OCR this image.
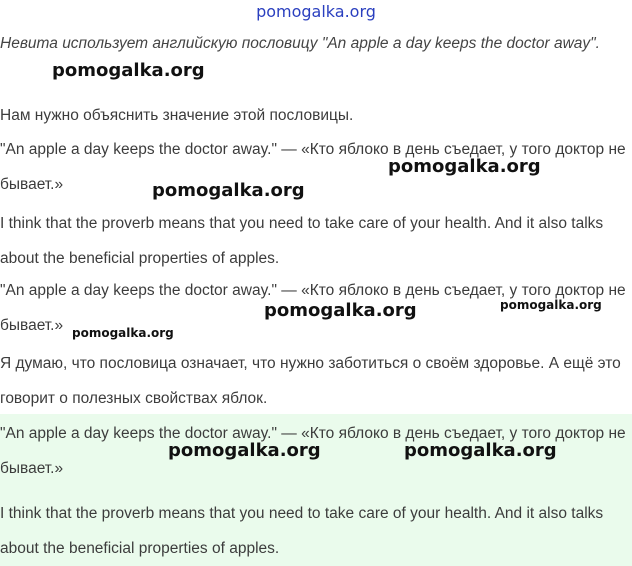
pomogalka.org
Невита использует английскую пословицу "An apple a day keeps the doctor away".

Нам нужно объяснить значение этой пословицы.

"An apple a day keeps the doctor away." — «Кто яблоко в день съедает, у того доктор не бывает.»

I think that the proverb means that you need to take care of your health. And it also talks about the beneficial properties of apples.

"An apple a day keeps the doctor away." — «Кто яблоко в день съедает, у того доктор не бывает.»

Я думаю, что пословица означает, что нужно заботиться о своём здоровье. А ещё это говорит о полезных свойствах яблок.

"An apple a day keeps the doctor away." — «Кто яблоко в день съедает, у того доктор не бывает.»

I think that the proverb means that you need to take care of your health. And it also talks about the beneficial properties of apples.

pomogalka.org
pomogalka.org
pomogalka.org
pomogalka.org	pomogalka.org
pomogalka.org
pomogalka.org	pomogalka.org
